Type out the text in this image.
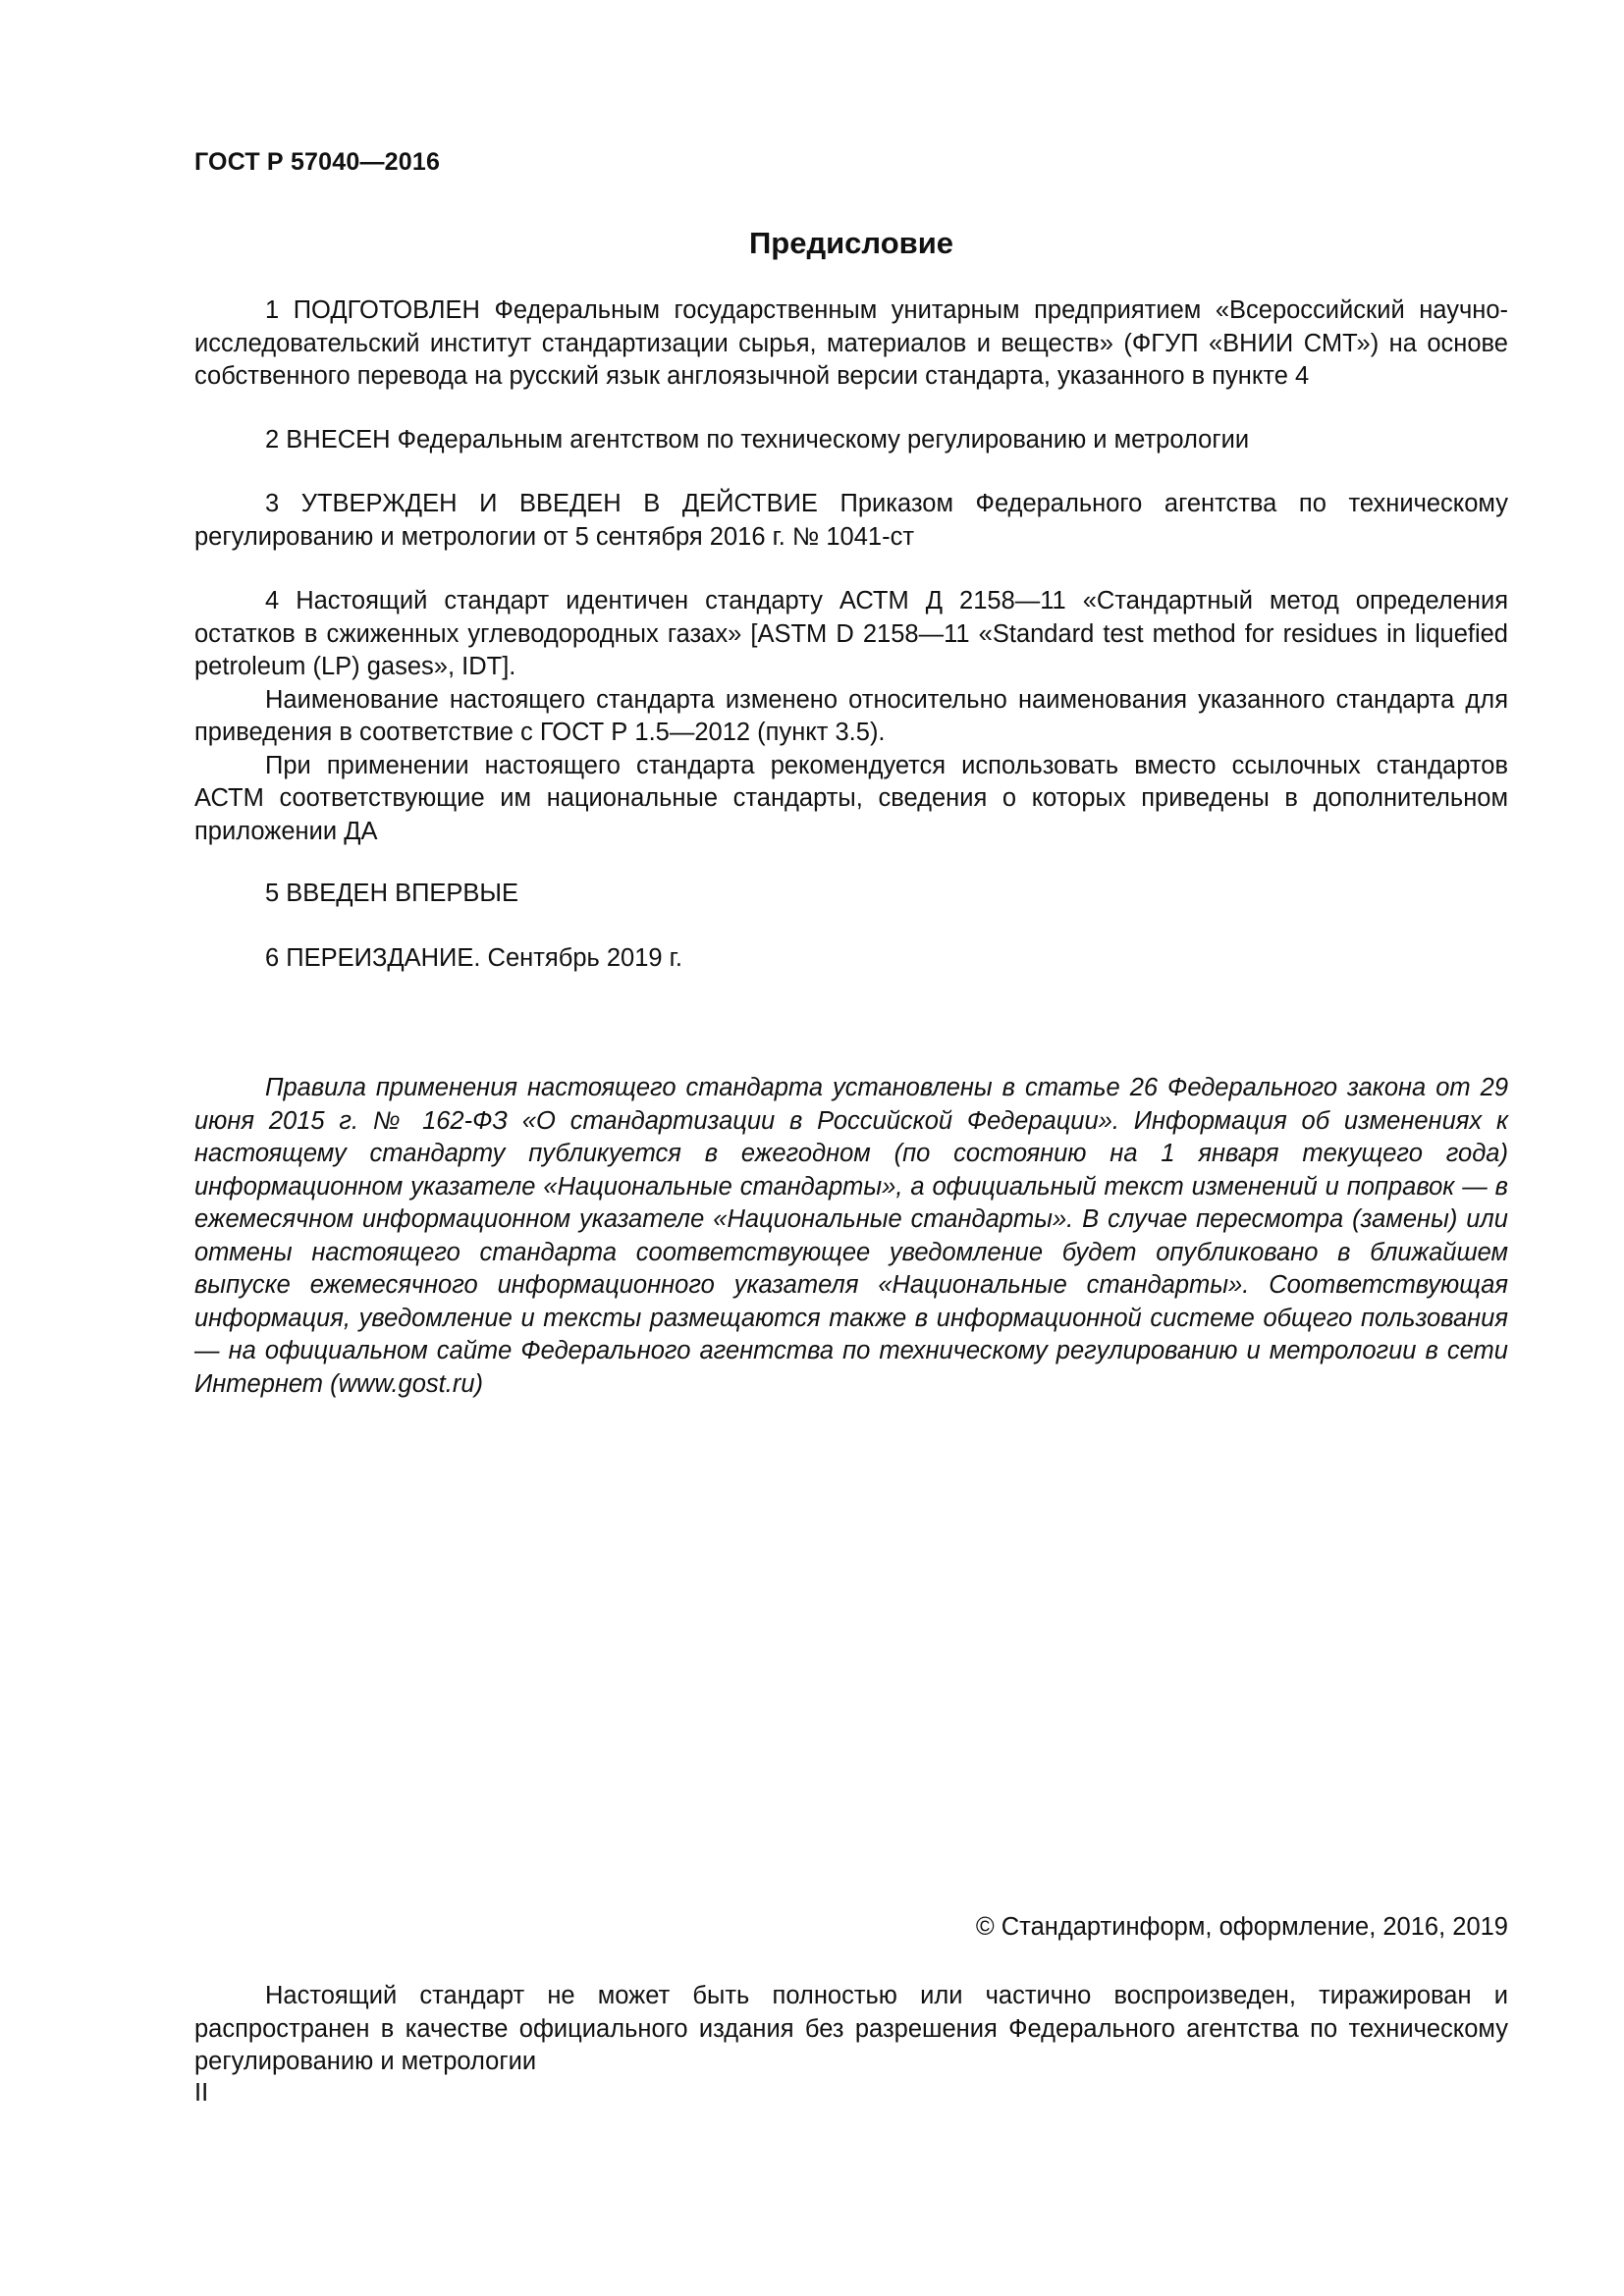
ГОСТ Р 57040—2016
Предисловие

1 ПОДГОТОВЛЕН Федеральным государственным унитарным предприятием «Всероссийский научно-исследовательский институт стандартизации сырья, материалов и веществ» (ФГУП «ВНИИ СМТ») на основе собственного перевода на русский язык англоязычной версии стандарта, указанного в пункте 4

2 ВНЕСЕН Федеральным агентством по техническому регулированию и метрологии

3 УТВЕРЖДЕН И ВВЕДЕН В ДЕЙСТВИЕ Приказом Федерального агентства по техническому регулированию и метрологии от 5 сентября 2016 г. № 1041-ст

4 Настоящий стандарт идентичен стандарту АСТМ Д 2158—11 «Стандартный метод определения остатков в сжиженных углеводородных газах» [ASTM D 2158—11 «Standard test method for residues in liquefied petroleum (LP) gases», IDT].

Наименование настоящего стандарта изменено относительно наименования указанного стандарта для приведения в соответствие с ГОСТ Р 1.5—2012 (пункт 3.5).

При применении настоящего стандарта рекомендуется использовать вместо ссылочных стандартов АСТМ соответствующие им национальные стандарты, сведения о которых приведены в дополнительном приложении ДА

5 ВВЕДЕН ВПЕРВЫЕ

6 ПЕРЕИЗДАНИЕ. Сентябрь 2019 г.

Правила применения настоящего стандарта установлены в статье 26 Федерального закона от 29 июня 2015 г. № 162-ФЗ «О стандартизации в Российской Федерации». Информация об изменениях к настоящему стандарту публикуется в ежегодном (по состоянию на 1 января текущего года) информационном указателе «Национальные стандарты», а официальный текст изменений и поправок — в ежемесячном информационном указателе «Национальные стандарты». В случае пересмотра (замены) или отмены настоящего стандарта соответствующее уведомление будет опубликовано в ближайшем выпуске ежемесячного информационного указателя «Национальные стандарты». Соответствующая информация, уведомление и тексты размещаются также в информационной системе общего пользования — на официальном сайте Федерального агентства по техническому регулированию и метрологии в сети Интернет (www.gost.ru)

© Стандартинформ, оформление, 2016, 2019

Настоящий стандарт не может быть полностью или частично воспроизведен, тиражирован и распространен в качестве официального издания без разрешения Федерального агентства по техническому регулированию и метрологии

II
